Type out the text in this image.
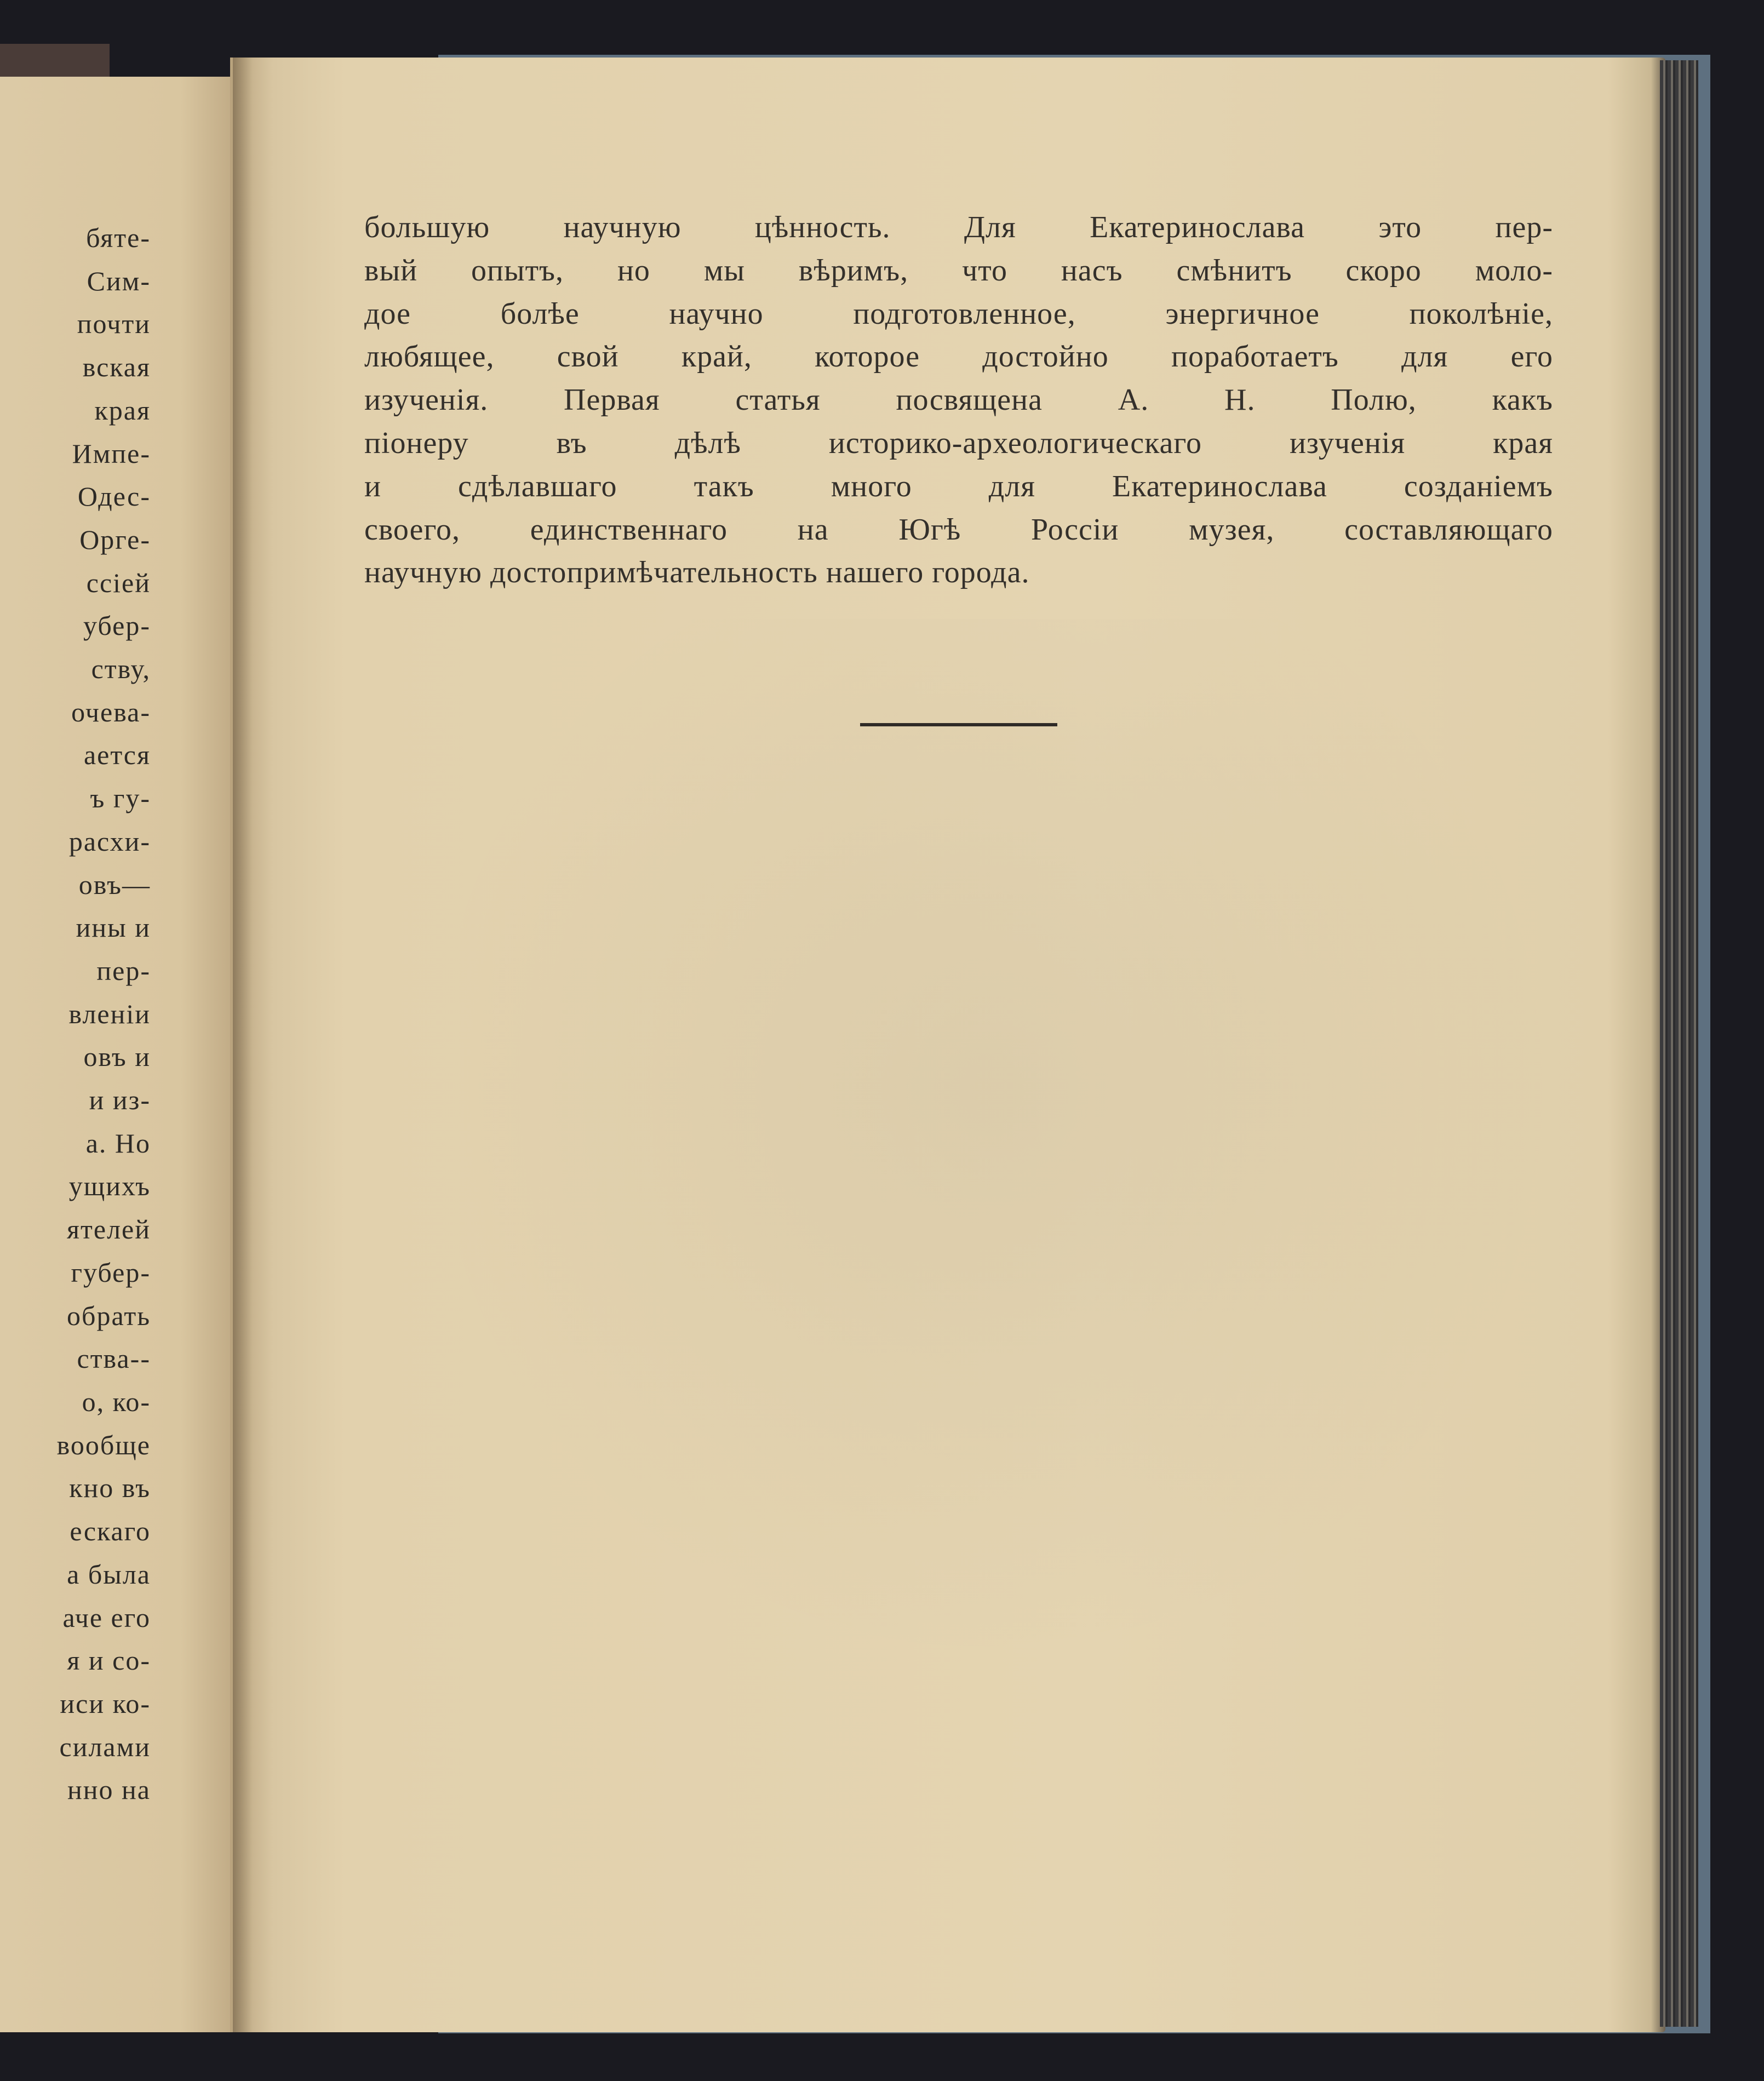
бяте-
Сим-
почти
вская
края
Импе-
Одес-
Орге-
ссіей
убер-
ству,
очева-
ается
ъ гу-
расхи-
овъ—
ины и
пер-
вленіи
овъ и
и из-
а. Но
ущихъ
ятелей
губер-
обрать
ства--
о, ко-
вообще
кно въ
ескаго
а была
аче его
я и со-
иси ко-
силами
нно на
большую научную цѣнность. Для Екатеринослава это пер-
вый опытъ, но мы вѣримъ, что насъ смѣнитъ скоро моло-
дое болѣе научно подготовленное, энергичное поколѣніе,
любящее, свой край, которое достойно поработаетъ для его
изученія. Первая статья посвящена А. Н. Полю, какъ
піонеру въ дѣлѣ историко-археологическаго изученія края
и сдѣлавшаго такъ много для Екатеринослава созданіемъ
своего, единственнаго на Югѣ Россіи музея, составляющаго
научную достопримѣчательность нашего города.
